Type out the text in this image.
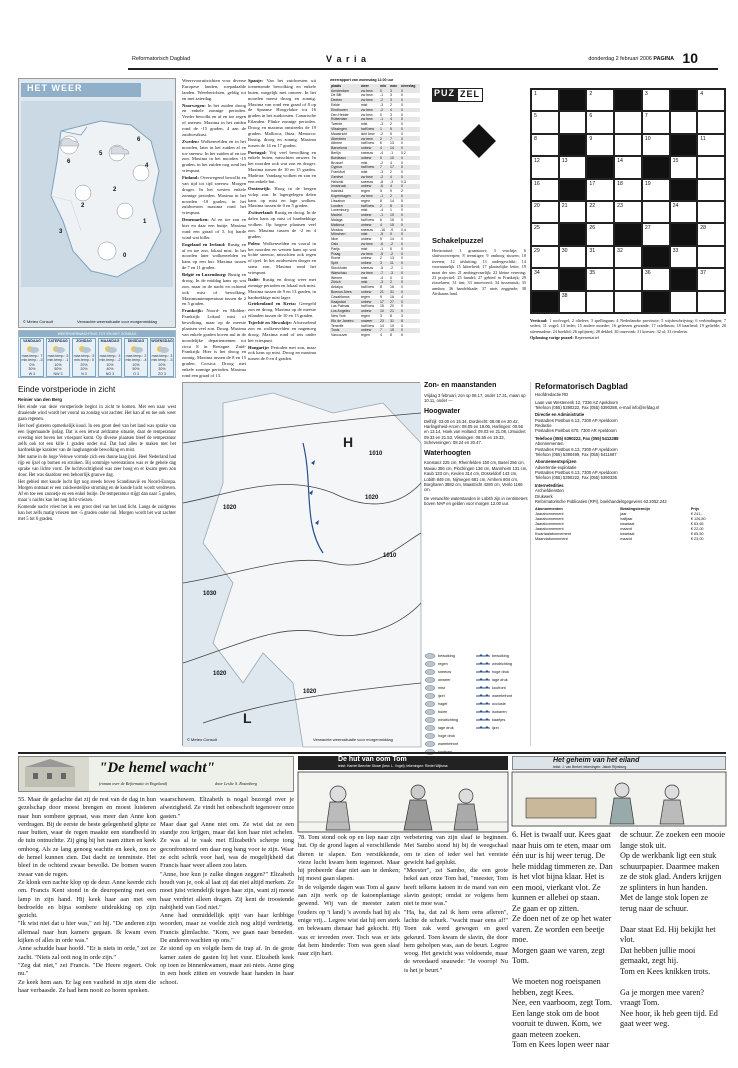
Reformatorisch Dagblad	V a r i a	donderdag 2 februari 2006 PAGINA 10
HET WEER
6
4
2
1
0
2
6
5
3
© Meteo Consult	Verwachte weerssituatie voor morgenmiddag
WEERSVERWACHTING TOT EN MET ZONDAG
VANDAAG
max.temp.: 7
min.temp.: -3
0%
30%
W 3
ZATERDAG
max.temp.: 5
min.temp.: -1
10%
50%
NW 3
ZONDAG
max.temp.: 5
min.temp.: 0
20%
20%
N 3
MAANDAG
max.temp.: 3
min.temp.: -2
10%
40%
NO 3
DINSDAG
max.temp.: 2
min.temp.: -4
10%
50%
O 3
WOENSDAG
max.temp.: 3
min.temp.: -3
20%
30%
ZO 3
Einde vorstperiode in zicht
Reinier van den Berg

Het einde van deze vorstperiode begint in zicht te komen. Met een naar west draaiende wind wordt het vooral na zondag wat zachter. Het kan af en toe ook weer gaan regenen.

Het hoef gisteren opmerkelijk koud. In een groot deel van het land was sprake van een ijsgemaande ijsdag. Dat is een ietwat zeldzame situatie, daar de temperatuur overdag niet boven het vriespunt komt. Op diverse plaatsen bleef de temperatuur zelfs ook tot een kille 1 graden onder nul. Dat had alles te maken met het hardnekkige karakter van de laaghangende bewolking en mist.

Met name in de hoge Veluwe vormde zich een dunne laag ijzel. Heel Nederland had rijp en ijzel op bomen en struiken. Bij sommige weerstations was er de gehele dag sprake van lichte vorst. De luchtvochtigheid was zeer hoog en er kwam geen zon door. Het was daardoor een behoorlijk grauwe dag.

Het gebied met koude lucht ligt nog steeds boven Scandinavië en Noord-Europa. Morgen ontstaat er een zuidwestelijke stroming en de koude lucht wordt verdreven. Af en toe een zonnetje en een enkel buitje. De temperatuur stijgt dan naar 5 graden, maar 's nachts kan het nog licht vriezen.

Komende nacht vriest het in een groot deel van het land licht. Langs de zuidgrens kan het zelfs matig vriezen met -5 graden onder nul. Morgen wordt het wat zachter met 5 tot 6 graden.

Weersvooruitzichten voor diverse Europese landen, roepadaalde landen. Weerberichten, geldig tot en met zaterdag.

Noorwegen: In het zuiden droog en enkele zonnige perioden. Verder bewolkt en af en toe regen of sneeuw. Maxima in het zuiden rond de -15 graden, 4 aan de zuidwestkust.

Zweden: Wolkenvelden en in het noorden, later in het zuiden af en toe sneeuw. In het zuiden af en toe zon. Maxima in het noorden -15 graden, in het zuiden nog rond het vriespunt.

Finland: Overwegend bewolkt en van tijd tot tijd sneeuw. Morgen droger. In het westen enkele zonnige perioden. Maxima in het noorden -10 graden, in het zuidwesten maxima rond het vriespunt.

Denemarken: Af en toe zon en hier en daar een buitje. Maxima rond een graad of 5, bij harde wind wat killer.

Engeland en Ierland: Rustig en af en toe zon, lokaal mist. In het noorden later wolkenvelden en kans op een bui. Maxima tussen de 7 en 11 graden.

België en Luxemburg: Rustig en droog. In de middag kans op wat zon, maar in de nacht en ochtend ook mist of bewolking. Maximumtemperatuur tussen de 2 en 5 graden.

Frankrijk: Noord- en Midden-Frankrijk: Lokaal mist of bewolking, maar op de meeste plaatsen veel zon. Droog. Maxima van enkele graden boven nul in de noordelijke departementen tot circa 8 in Bretagne. Zuid-Frankrijk: Hier is het droog en zonnig. Maxima tussen de 8 en 15 graden. Corsica: Droog met enkele zonnige perioden. Maxima rond een graad of 13.

Spanje: Van het zuidwesten uit toenemende bewolking en enkele buien, mogelijk met onweer. In het noorden meest droog en zonnig. Maxima van rond een graad of 8 op de Spaanse Hoogvlakte tot 16 graden in het zuidoosten. Canarische Eilanden: Flinke zonnige perioden. Droog en maxima omstreeks de 19 graden. Mallorca, Ibiza, Menorca: Rustig, droog en zonnig. Maxima tussen de 14 en 17 graden.

Portugal: Vrij veel bewolking en enkele buien, misschien onweer. In het noorden ook wat zon en droger. Maxima tussen de 10 en 15 graden. Madeira: Vandaag wolken en zon en een enkele bui.

Oostenrijk: Hoog in de bergen volop zon. In lagergelegen delen kans op mist en lage wolken. Maxima tussen de 0 en 5 graden.

Zwitserland: Rustig en droog. In de dalen kans op mist of hardnekkige wolken. Op hogere plaatsen veel zon. Maxima tussen de -2 en 4 graden.

Polen: Wolkenvelden en vooral in het noorden en westen kans op wat lichte sneeuw, misschien ook regen of ijzel. In het zuidwesten droger en soms zon. Maxima rond het vriespunt.

Italië: Rustig en droog weer met zonnige perioden en lokaal ook mist. Maxima tussen de 9 en 13 graden, in hardnekkige mist lager.

Griekenland en Kreta: Geregeld zon en droog. Maxima op de meeste eilanden tussen de 10 en 13 graden.

Tsjechië en Slowakije: Afwisselend zon en wolkenvelden en nagenoeg droog. Maxima rond of iets onder het vriespunt.

Hongarije: Perioden met zon, maar ook kans op mist. Droog en maxima tussen de 0 en 4 graden.

weerrapport van woensdag 12.00 uur
plaats	weer	min	max	neerslag
Amsterdam	zw bew	0	3	0
De Bilt	zw bew	-1	3	0
Deelen	zw bew	-2	3	0
Eelde	mist	-3	2	0
Eindhoven	zw bew	-2	4	0
Den Helder	zw bew	0	3	0
Rotterdam	zw bew	-1	4	0
Twente	mist	-3	2	0
Vlissingen	half bew	1	5	0
Maastricht	licht bew	-2	5	0
Aberdeen	zw bew	2	7	0
Athene	half bew	6	13	0
Barcelona	onbew	4	14	0
Berlijn	sneeuw	-4	-1	0,2
Bordeaux	onbew	0	10	0
Brussel	mist	-2	4	0
Cyprus	half bew	7	17	0
Frankfurt	mist	-3	2	0
Genève	zw bew	-2	4	0
Helsinki	sneeuw	-8	-3	0,3
Innsbruck	onbew	-6	4	0
Istanbul	regen	5	9	2
Kopenhagen	zw bew	-1	2	0
Lissabon	regen	8	14	5
Londen	half bew	2	8	0
Luxemburg	mist	-4	1	0
Madrid	onbew	-1	10	0
Malaga	half bew	6	16	0
Mallorca	onbew	4	15	0
Moskou	sneeuw	-16	-9	0,4
München	mist	-5	0	0
Nice	onbew	5	14	0
Oslo	zw bew	-6	-2	0
Parijs	mist	-1	5	0
Praag	zw bew	-5	-2	0
Rome	onbew	2	13	0
Split	onbew	3	11	0
Stockholm	sneeuw	-5	-2	1
Warschau	zw bew	-7	-3	0
Wenen	mist	-4	0	0
Zürich	mist	-3	2	0
Antalya	half bew	8	16	0
Buenos Aires	onbew	21	31	0
Casablanca	regen	9	16	4
Kaapstad	onbew	17	27	0
Las Palmas	half bew	15	20	0
Los Angeles	onbew	10	21	0
New York	regen	3	8	3
Rio de Janeiro	onweer	23	31	8
Tenerife	half bew	14	19	0
Tunis	onbew	7	15	0
Vancouver	regen	4	8	6
H
L
1010
1020
1020
1030
1010
1020
1020
© Meteo Consult	Verwachte weerssituatie voor morgenmiddag
Zon- en maanstanden
Vrijdag 3 februari, zon op 08.17, onder 17.31, maan op 10.11, onder —
Hoogwater
Delfzijl: 03.00 en 15.34, Dordrecht: 08.08 en 20.42, Harlingsheid-Arcen: 08.05 en 18.06, Harlingen: 00.56 en 13.14, Hoek van Holland: 09.03 en 21.08, IJmuiden: 09.33 en 21.53, Vlissingen: 06.55 en 19.33, Scheveningen: 08.24 en 20.47.
Waterhoogten
Konstanz 225 cm, Rheinfelden 150 cm, Basel 256 cm, Maxau 356 cm, Plochingen 136 cm, Mannheim 131 cm, Kaub 133 cm, Keulen 314 cm, Düsseldorf 143 cm, Lobith 849 cm, Nijmegen 681 cm, Arnhem 804 cm, Borgharen 3882 cm, Maastricht 4280 cm, Venlo 1166 cm.
De verwachte waterstanden in Lobith zijn in centimeters boven NAP en gelden voor morgen 12.00 uur.
bewolking
regen
sneeuw
onweer
mist
ijzel
hagel
buien
windrichting
lage druk
hoge druk
warmtefront
bewolking
windrichting
hoge druk
lage druk
koufront
warmtefront
occlusie
isobaren
kaartjes
ijzel
PUZ ZEL
Schakelpuzzel
Horizontaal: 1 graansoort; 3 vruchtje; 6 sluitvoorwerpen; 8 teenstiger; 9 omhoog stuwen; 10 iezeren; 12 afsluiting; 13 ondergeschikt; 14 voornamelijk 15 hitterheid; 17 plaatselijke lettie; 19 maat der ster; 21 ambtsgevaarlijk; 22 kleine verering; 23 projectiel; 25 handel; 27 gebied in Frankrijk; 29 ritsselaren; 31 tint; 33 intoevoerd; 34 tussenstuk; 35 armbor; 36 handelskade; 37 niets zeggende; 38 Afrikaans land.
Verticaal: 1 roofvogel; 2 olieleer; 3 spellingaan; 4 Nederlandse provincie; 5 wijsbeschrijving; 6 verbindingen; 7 sedert; 11 vogel; 14 ieder; 15 andere moeder; 16 gefrezen gewande; 17 rafelbruin; 18 baarheid; 19 geliefde; 20 stierenadeur; 24 boeklid; 26 opfijnerij; 28 dekbel; 30 onzevink; 31 koester; 32 al; 33 rivulerin.
Oplossing vorige puzzel: Representatief
1	2	3	4
5	6	7
8	9	10	11
12	13	14	15
16	17	18	19
20	21	22	23	24
25	26	27	28
29	30	31	32	33
34	35	36	37
38
Reformatorisch Dagblad
Hoofdredactie RD
Laan van Westenenk 12, 7336 AZ Apeldoorn
Telefoon (055) 5390222, Fax (055) 5390288, e-mail info@refdag.nl
Directie en Administratie
Postadres Postbus 6.13, 7300 AP Apeldoorn
Redactie
Postadres Postbus 670, 7300 AR Apeldoorn
Telefoon (055) 5390222, Fax (055) 5412288
Abonnementen
Postadres Postbus 6.13, 7300 AP Apeldoorn
Telefoon (055) 5390499, Fax (055) 5411687
Abonnementsprijzen
Advertentie-exploitatie
Postadres Postbus 6.13, 7300 AP Apeldoorn
Telefoon (055) 5390222, Fax (055) 5390335
Internetedities
Archiefdiensten
Drukwerk
Reformatorische Publicaties (RPI), boekhandelsgegevens 63.2052.242
Abonnementen	Betalingstermijn	Prijs
Jaarabonnement	jaar	€ 241,-
Jaarabonnement	halfjaar	€ 126,80
Jaarabonnement	kwartaal	€ 63,65
Jaarabonnement	maand	€ 22,00
Kwartaalabonnement	kwartaal	€ 65,50
Maandabonnement	maand	€ 23,00
"De hemel wacht"
(roman over de Reformatie in Engeland)	door Leslie S. Rozenberg
55. Maar de gedachte dat zij de rest van de dag in hun gezelschap door moest brengen en moest luisteren naar hun sombere gepraat, was meer dan Anne kon verdragen. Bij de eerste de beste gelegenheid glipte ze naar buiten, waar de regen maakte een standbeeld in de tuin ontnuchtte. Zij ging bij het raam zitten en keek omhoog. Als ze lang genoeg wachtte en keek, zou ze de hemel kunnen zien. Dat dacht ze tenminste. Het bleef in de ochtend zwaar bewolkt. De bomen waren zwaar van de regen.
Ze klonk een zachte klop op de deur. Anne keerde zich om. Francis Kent stond in de deuropening met een lamp in zijn hand. Hij keek haar aan met een bedroefde en bijna sombere uitdrukking op zijn gezicht.
"Ik wist niet dat u hier was," zei hij. "De anderen zijn allemaal naar hun kamers gegaan. Ik kwam even kijken of alles in orde was."
Anne schudde haar hoofd. "Er is niets in orde," zei ze zacht. "Niets zal ooit nog in orde zijn."
"Zeg dat niet," zei Francis. "De Heere regeert. Ook nu."
Ze keek hem aan. Er lag een vastheid in zijn stem die haar verbaasde. Ze had hem nooit zo horen spreken.
waarschuwen. Elizabeth is nogal bezorgd over je afwezigheid. Ze vindt het onbeschoft tegenover onze gasten."
Maar daar gaf Anne niet om. Ze wist dat ze een standje zou krijgen, maar dat kon haar niet schelen. Ze was al te vaak met Elizabeth's scherpe tong geconfronteerd om daar nog bang voor te zijn. Waar ze echt schrik voor had, was de mogelijkheid dat Francis haar weer alleen zou laten.
"Anne, hoe kun je zulke dingen zeggen?" Elizabeth houdt van je, ook al laat zij dat niet altijd merken. Ze moet juist vriendelijk tegen haar zijn, want zij moest haar verdriet alleen dragen. Zij kent de troostende nabijheid van God niet."
Anne had onmiddellijk spijt van haar kribbige woorden, maar ze voelde zich nog altijd verdrietig. Francis glimlachte. "Kom, we gaan naar beneden. De anderen wachten op ons."
Ze stond op en volgde hem de trap af. In de grote kamer zaten de gasten bij het vuur. Elizabeth keek op toen ze binnenkwamen, maar zei niets. Anne ging in een hoek zitten en vouwde haar handen in haar schoot.
De hut van oom Tom
tekst: Harriet Beecher Stowe (bew. L. Vogel); tekeningen: Riedel Wijtsma
78. Tom stond ook op en liep naar zijn hut. Op de grond lagen al verschillende dieren te slapen. Een verstikkende, vieze lucht kwam hem tegemoet. Maar hij probeerde daar niet aan te denken; hij moest gaan slapen.
In de volgende dagen was Tom al gauw aan zijn werk op de katoenplantage gewend. Wij van de meester zaten (ouders op 't land) 's avonds had hij als enige vrij... Legree wist dat hij een sterk en bekwaam dienaar had gekocht. Hij was er tevreden over. Toch was er iets dat hem hinderde: Tom was geen slaaf naar zijn hart.
verbetering van zijn slaaf te beginnen. Met Sambo stond hij bij de weegschaal om te zien of ieder wel het vereiste gewicht had geplukt.
"Meester", zei Sambo, die een grote hekel aan onze Tom had, "meester, Tom heeft telkens katoen in de mand van een slavin gestopt; omdat ze volgens hem niet te moe was."
"Ha, ha, dat zal ik hem eens afleren", lachte de schurk. "wacht maar eens af!" Toen zak werd gewogen en goed gekeurd. Toen kwam de slavin, die door hem geholpen was, aan de beurt. Legree woog. Het gewicht was voldoende, maar de wreedaard snauwde: "Je voorop! Nu is het je beurt."
Het geheim van het eiland
tekst: J. van Berkel; tekeningen: Jakob Rijnsburg
6. Het is twaalf uur. Kees gaat naar huis om te eten, maar om één uur is hij weer terug. De hele middag timmeren ze. Dan is het vlot bijna klaar. Het is een mooi, vierkant vlot. Ze kunnen er allebei op staan.
Ze gaan er op zitten.
Ze doen net of ze op het water varen. Ze worden een beetje moe.
Morgen gaan we varen, zegt Tom.

We moeten nog roeispanen hebben, zegt Kees.
Nee, een vaarboom, zegt Tom. Een lange stok om de boot vooruit te duwen. Kom, we gaan meteen zoeken.
Tom en Kees lopen weer naar
de schuur. Ze zoeken een mooie lange stok uit.
Op de werkbank ligt een stuk schuurpapier. Daarmee maken ze de stok glad. Anders krijgen ze splinters in hun handen.
Met de lange stok lopen ze terug naar de schuur.

Daar staat Ed. Hij bekijkt het vlot.
Dat hebben jullie mooi gemaakt, zegt hij.
Tom en Kees knikken trots.

Ga je morgen mee varen? vraagt Tom.
Nee hoor, ik heb geen tijd. Ed gaat weer weg.
